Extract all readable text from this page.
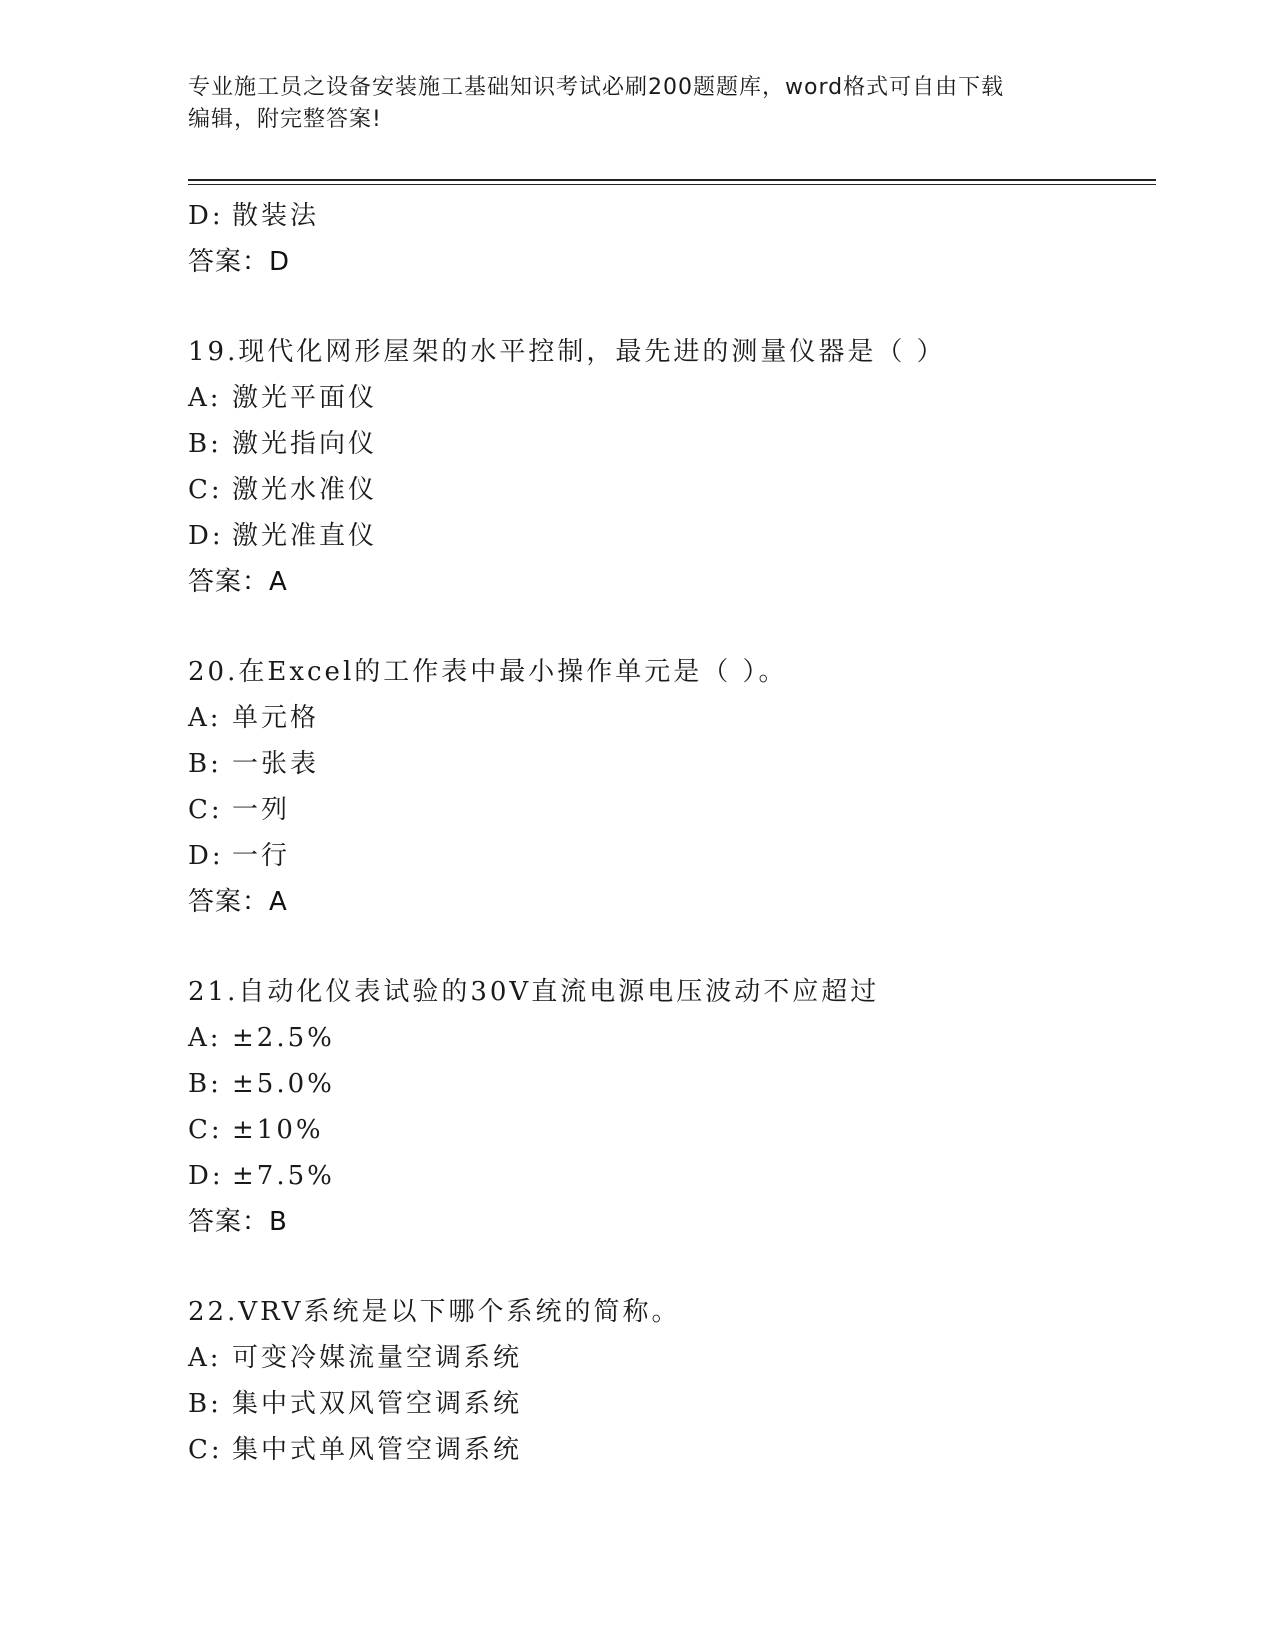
专业施工员之设备安装施工基础知识考试必刷200题题库，word格式可自由下载
编辑，附完整答案!
D: 散装法
答案：D
19.现代化网形屋架的水平控制，最先进的测量仪器是（ ）
A: 激光平面仪
B: 激光指向仪
C: 激光水准仪
D: 激光准直仪
答案：A
20.在Excel的工作表中最小操作单元是（ ）。
A: 单元格
B: 一张表
C: 一列
D: 一行
答案：A
21.自动化仪表试验的30V直流电源电压波动不应超过
A: ±2.5%
B: ±5.0%
C: ±10%
D: ±7.5%
答案：B
22.VRV系统是以下哪个系统的简称。
A: 可变冷媒流量空调系统
B: 集中式双风管空调系统
C: 集中式单风管空调系统
